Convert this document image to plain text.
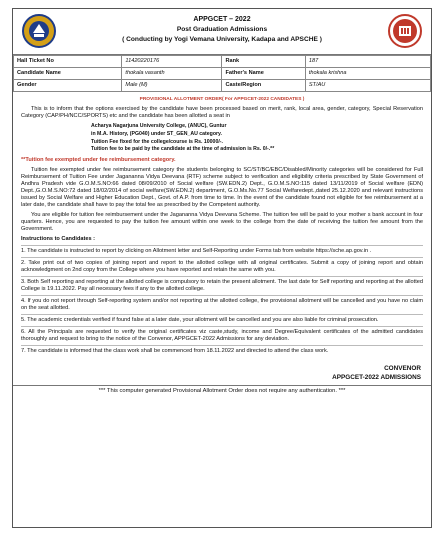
APPGCET – 2022
Post Graduation Admissions
( Conducting by Yogi Vemana University, Kadapa and APSCHE )
Hall Ticket No	11420220176	Rank	187
Candidate Name	thokala vasanth	Father's Name	thokala krishna
Gender	Male (M)	Caste/Region	ST/AU
PROVISIONAL ALLOTMENT ORDER( For APPGCET-2022 CANDIDATES )

This is to inform that the options exercised by the candidate have been processed based on merit, rank, local area, gender, category, Special Reservation Category (CAP/PH/NCC/SPORTS) etc and the candidate has been allotted a seat in

Acharya Nagarjuna University College, (ANUC), Guntur
in M.A. History, (PG040) under ST_GEN_AU category.
Tuition Fee fixed for the college/course is Rs. 10000/-.
Tuition fee to be paid by the candidate at the time of admission is Rs. 0/-.**

**Tuition fee exempted under fee reimbursement category.

Tuition fee exempted under fee reimbursement category the students belonging to SC/ST/BC/EBC/Disabled/Minority categories will be considered for Full Reimbursement of Tuition Fee under Jagananna Vidya Deevana (RTF) scheme subject to verification and eligibility criteria prescribed by State Government of Andhra Pradesh vide G.O.M.S.NO:66 dated 08/09/2010 of Social welfare (SW.EDN.2) Dept., G.O.M.S.NO:115 dated 13/11/2019 of Social welfare (EDN) Dept.,G.O.M.S.NO:72 dated 18/02/2014 of social welfare(SW.EDN.2) department, G.O.Ms.No.77 Social Welfaredept.,dated 25.12.2020 and relevant instructions issued by Social Welfare and Higher Education Dept., Govt. of A.P. from time to time. In the event of the candidate found not eligible for fee reimbursement at a later date, the candidate shall have to pay the total fee as prescribed by the Competent authority.

You are eligible for tuition fee reimbursement under the Jagananna Vidya Deevana Scheme. The tuition fee will be paid to your mother s bank account in four quarters. Hence, you are requested to pay the tuition fee amount within one week to the college from the date of receiving the tuition fee amount from the Government.

Instructions to Candidates :
1. The candidate is instructed to report by clicking on Allotment letter and Self-Reporting under Forms tab from website https://sche.ap.gov.in .
2. Take print out of two copies of joining report and report to the allotted college with all original certificates. Submit a copy of joining report and obtain acknowledgment on 2nd copy from the College where you have reported and retain the same with you.
3. Both Self reporting and reporting at the allotted college is compulsory to retain the present allotment. The last date for Self reporting and reporting at the allotted College is 19.11.2022. Pay all necessary fees if any to the allotted college.
4. If you do not report through Self-reporting system and/or not reporting at the allotted college, the provisional allotment will be cancelled and you have no claim on the seat allotted.
5. The academic credentials verified if found false at a later date, your allotment will be cancelled and you are also liable for criminal prosecution.
6. All the Principals are requested to verify the original certificates viz caste,study, income and Degree/Equivalent certificates of the admitted candidates thoroughly and request to bring to the notice of the Convenor, APPGCET-2022 Admissions for any deviation.
7. The candidate is informed that the class work shall be commenced from 18.11.2022 and directed to attend the class work.
CONVENOR
APPGCET-2022 ADMISSIONS
*** This computer generated Provisional Allotment Order does not require any authentication. ***
